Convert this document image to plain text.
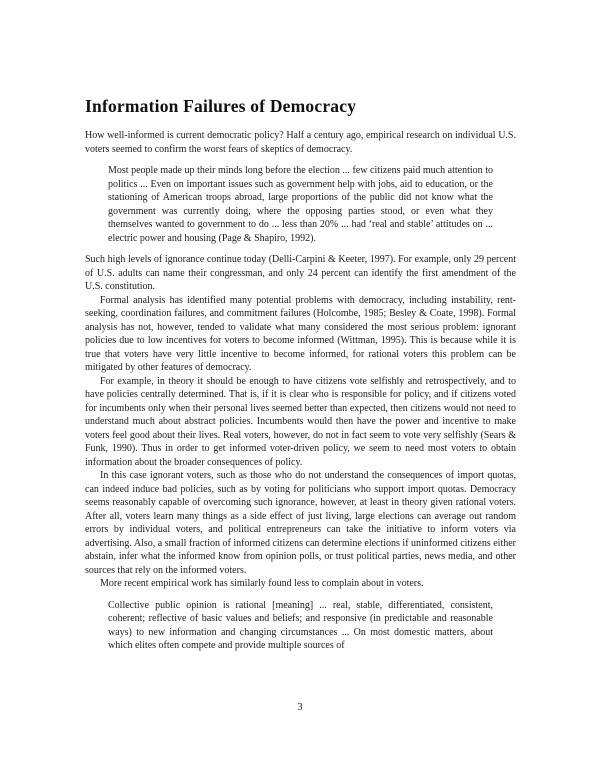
Information Failures of Democracy

How well-informed is current democratic policy? Half a century ago, empirical research on individual U.S. voters seemed to confirm the worst fears of skeptics of democracy.

Most people made up their minds long before the election ... few citizens paid much attention to politics ... Even on important issues such as government help with jobs, aid to education, or the stationing of American troops abroad, large proportions of the public did not know what the government was currently doing, where the opposing parties stood, or even what they themselves wanted to government to do ... less than 20% ... had ‘real and stable’ attitudes on ... electric power and housing (Page & Shapiro, 1992).

Such high levels of ignorance continue today (Delli-Carpini & Keeter, 1997). For example, only 29 percent of U.S. adults can name their congressman, and only 24 percent can identify the first amendment of the U.S. constitution.

Formal analysis has identified many potential problems with democracy, including instability, rent-seeking, coordination failures, and commitment failures (Holcombe, 1985; Besley & Coate, 1998). Formal analysis has not, however, tended to validate what many considered the most serious problem: ignorant policies due to low incentives for voters to become informed (Wittman, 1995). This is because while it is true that voters have very little incentive to become informed, for rational voters this problem can be mitigated by other features of democracy.

For example, in theory it should be enough to have citizens vote selfishly and retrospectively, and to have policies centrally determined. That is, if it is clear who is responsible for policy, and if citizens voted for incumbents only when their personal lives seemed better than expected, then citizens would not need to understand much about abstract policies. Incumbents would then have the power and incentive to make voters feel good about their lives. Real voters, however, do not in fact seem to vote very selfishly (Sears & Funk, 1990). Thus in order to get informed voter-driven policy, we seem to need most voters to obtain information about the broader consequences of policy.

In this case ignorant voters, such as those who do not understand the consequences of import quotas, can indeed induce bad policies, such as by voting for politicians who support import quotas. Democracy seems reasonably capable of overcoming such ignorance, however, at least in theory given rational voters. After all, voters learn many things as a side effect of just living, large elections can average out random errors by individual voters, and political entrepreneurs can take the initiative to inform voters via advertising. Also, a small fraction of informed citizens can determine elections if uninformed citizens either abstain, infer what the informed know from opinion polls, or trust political parties, news media, and other sources that rely on the informed voters.

More recent empirical work has similarly found less to complain about in voters.

Collective public opinion is rational [meaning] ... real, stable, differentiated, consistent, coherent; reflective of basic values and beliefs; and responsive (in predictable and reasonable ways) to new information and changing circumstances ... On most domestic matters, about which elites often compete and provide multiple sources of
3
